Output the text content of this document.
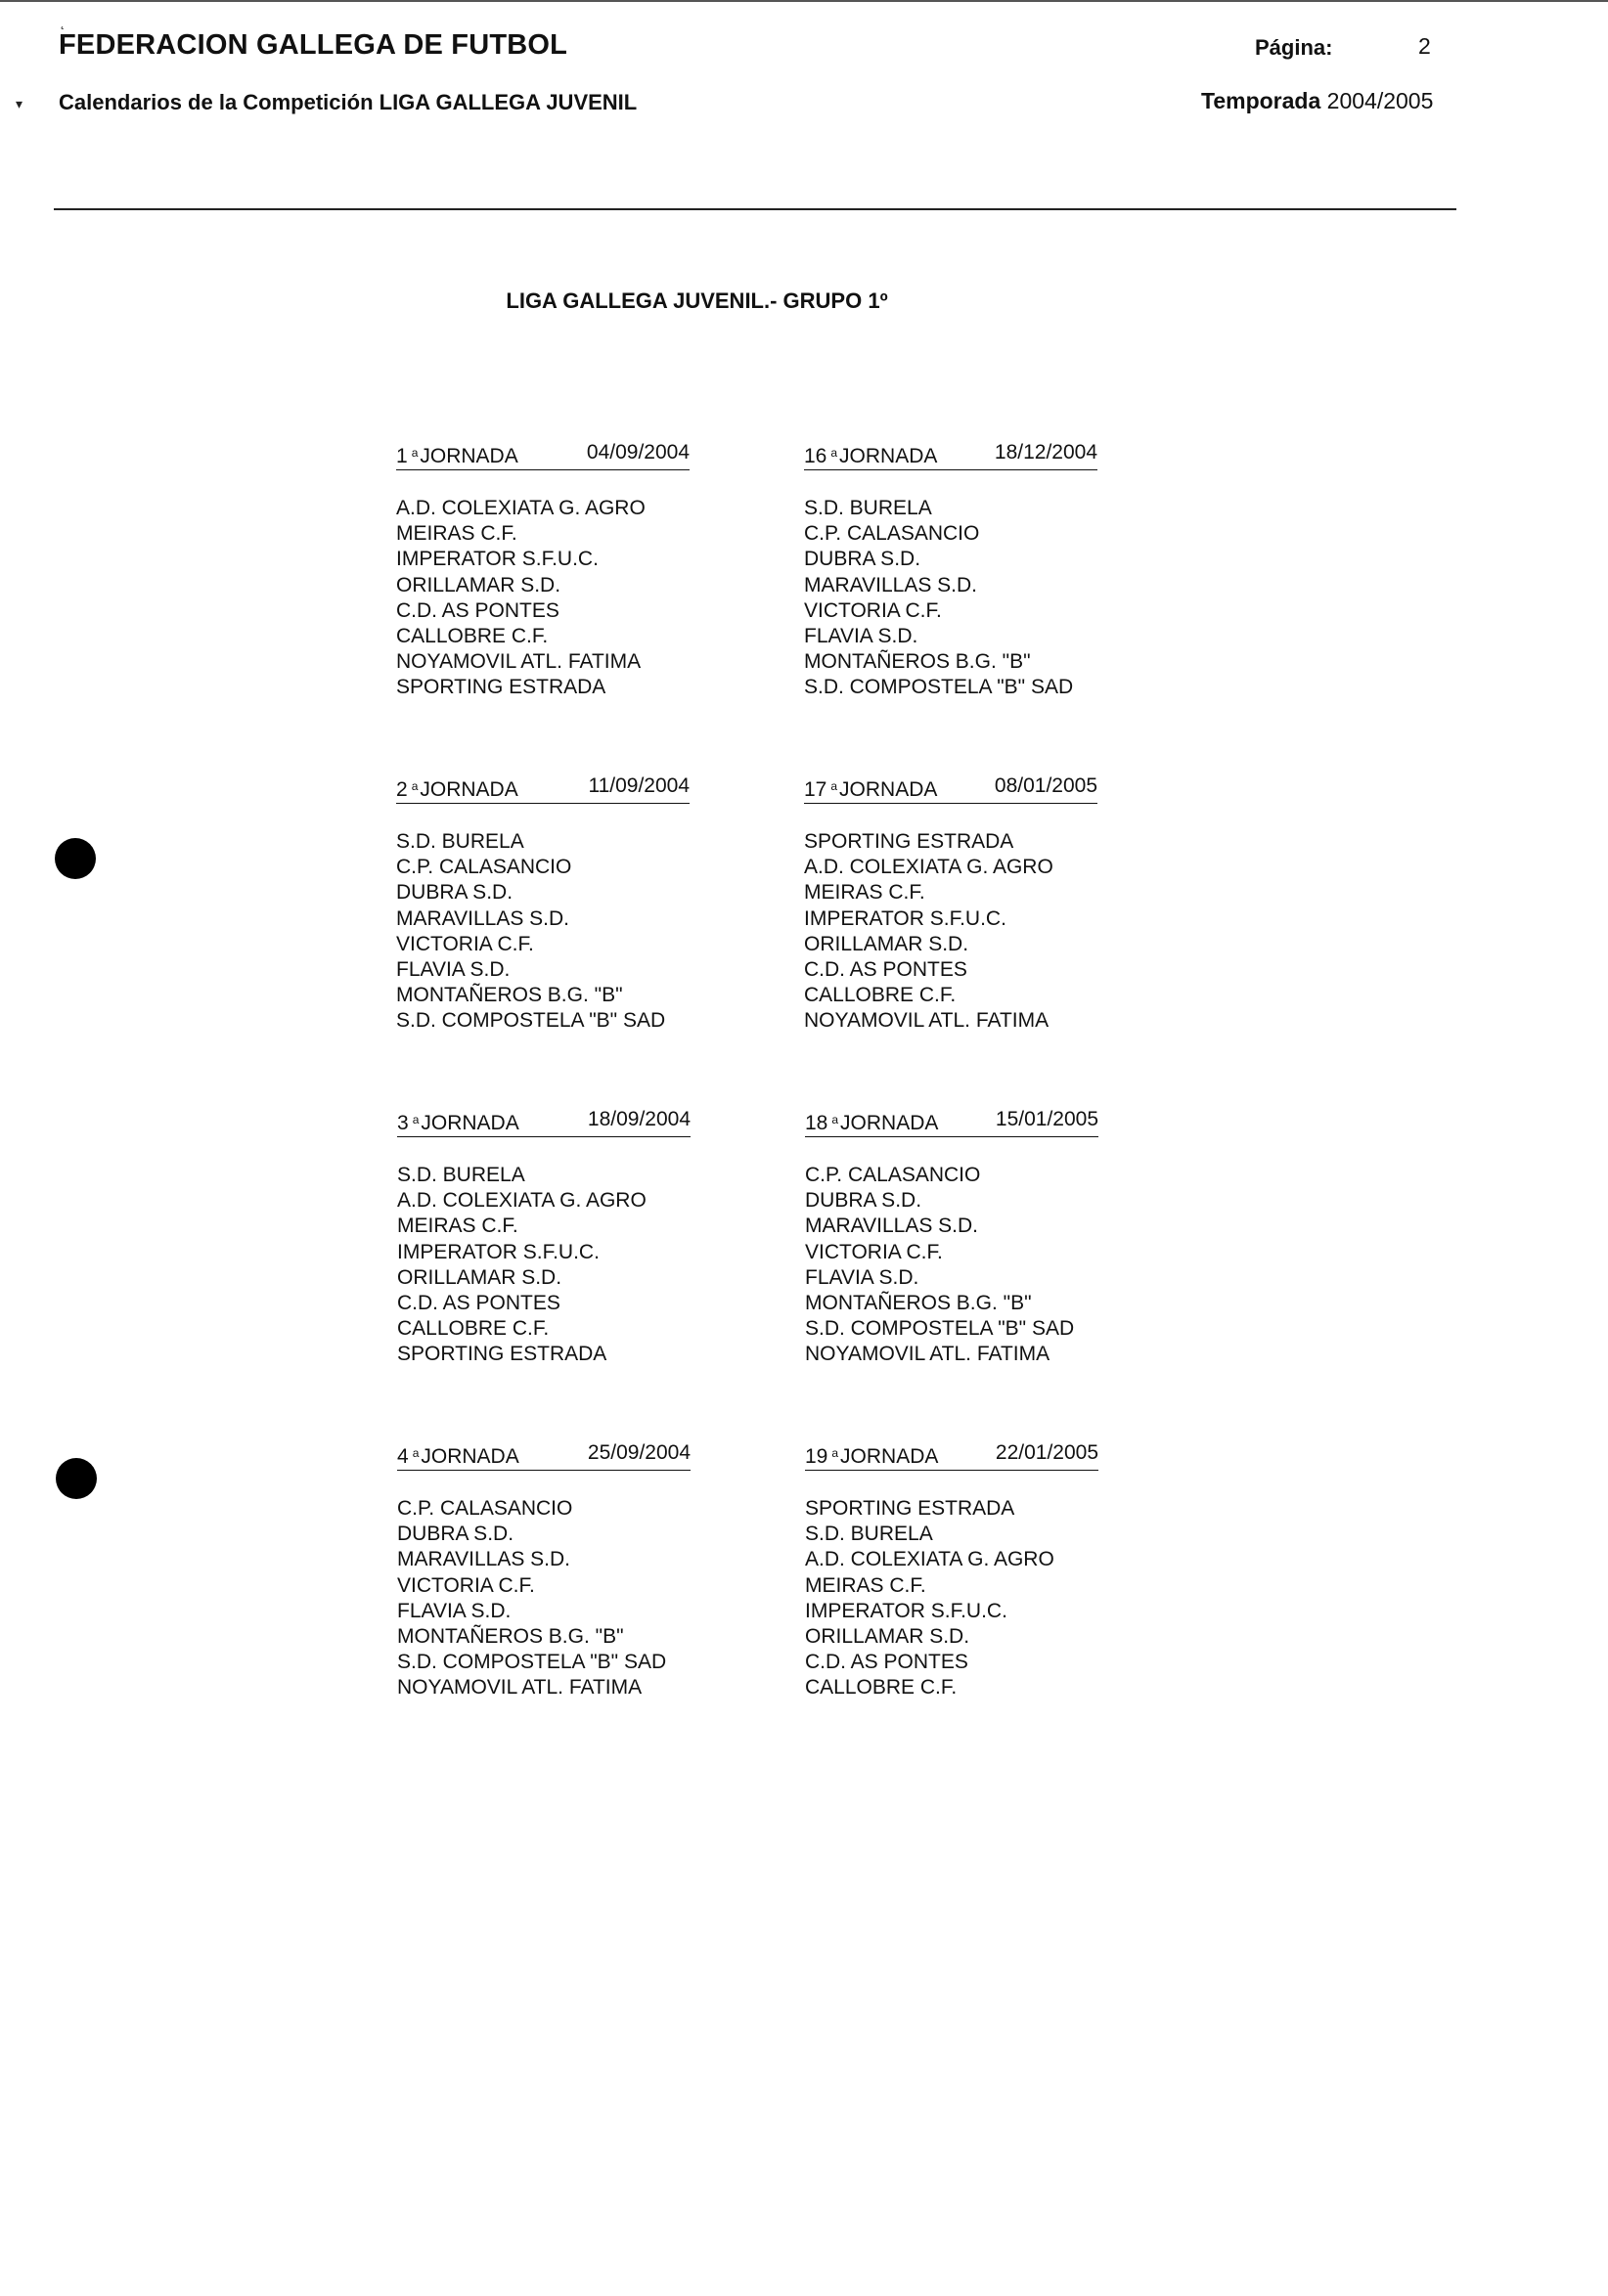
˛
▾
FEDERACION GALLEGA DE FUTBOL
Calendarios de la Competición LIGA GALLEGA JUVENIL
Página:	2
Temporada 2004/2005
LIGA GALLEGA JUVENIL.- GRUPO 1º
1 $^a$JORNADA	04/09/2004
A.D. COLEXIATA G. AGRO
MEIRAS C.F.
IMPERATOR S.F.U.C.
ORILLAMAR S.D.
C.D. AS PONTES
CALLOBRE C.F.
NOYAMOVIL ATL. FATIMA
SPORTING ESTRADA
16 $^a$JORNADA	18/12/2004
S.D. BURELA
C.P. CALASANCIO
DUBRA S.D.
MARAVILLAS S.D.
VICTORIA C.F.
FLAVIA S.D.
MONTAÑEROS B.G. "B"
S.D. COMPOSTELA "B" SAD
2 $^a$JORNADA	11/09/2004
S.D. BURELA
C.P. CALASANCIO
DUBRA S.D.
MARAVILLAS S.D.
VICTORIA C.F.
FLAVIA S.D.
MONTAÑEROS B.G. "B"
S.D. COMPOSTELA "B" SAD
17 $^a$JORNADA	08/01/2005
SPORTING ESTRADA
A.D. COLEXIATA G. AGRO
MEIRAS C.F.
IMPERATOR S.F.U.C.
ORILLAMAR S.D.
C.D. AS PONTES
CALLOBRE C.F.
NOYAMOVIL ATL. FATIMA
3 $^a$JORNADA	18/09/2004
S.D. BURELA
A.D. COLEXIATA G. AGRO
MEIRAS C.F.
IMPERATOR S.F.U.C.
ORILLAMAR S.D.
C.D. AS PONTES
CALLOBRE C.F.
SPORTING ESTRADA
18 $^a$JORNADA	15/01/2005
C.P. CALASANCIO
DUBRA S.D.
MARAVILLAS S.D.
VICTORIA C.F.
FLAVIA S.D.
MONTAÑEROS B.G. "B"
S.D. COMPOSTELA "B" SAD
NOYAMOVIL ATL. FATIMA
4 $^a$JORNADA	25/09/2004
C.P. CALASANCIO
DUBRA S.D.
MARAVILLAS S.D.
VICTORIA C.F.
FLAVIA S.D.
MONTAÑEROS B.G. "B"
S.D. COMPOSTELA "B" SAD
NOYAMOVIL ATL. FATIMA
19 $^a$JORNADA	22/01/2005
SPORTING ESTRADA
S.D. BURELA
A.D. COLEXIATA G. AGRO
MEIRAS C.F.
IMPERATOR S.F.U.C.
ORILLAMAR S.D.
C.D. AS PONTES
CALLOBRE C.F.
